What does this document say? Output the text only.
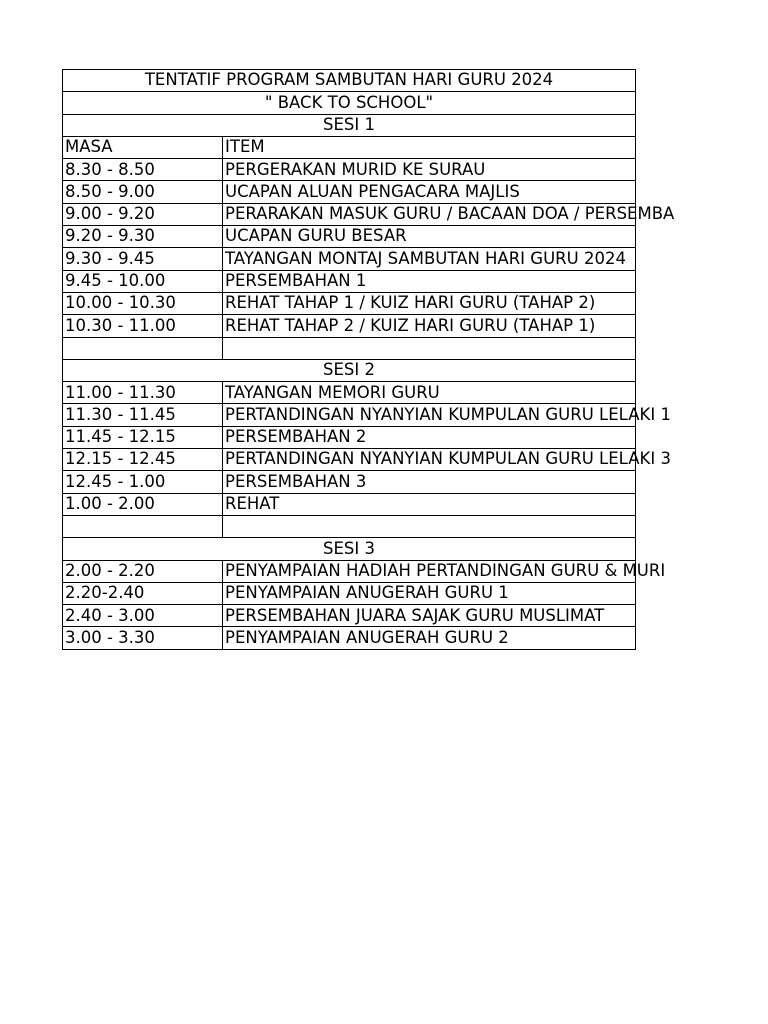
TENTATIF PROGRAM SAMBUTAN HARI GURU 2024	
" BACK TO SCHOOL"	
SESI 1	
MASA	ITEM
8.30 - 8.50	PERGERAKAN MURID KE SURAU
8.50 - 9.00	UCAPAN ALUAN PENGACARA MAJLIS
9.00 - 9.20	PERARAKAN MASUK GURU / BACAAN DOA / PERSEMBA
9.20 - 9.30	UCAPAN GURU BESAR
9.30 - 9.45	TAYANGAN MONTAJ SAMBUTAN HARI GURU 2024
9.45 - 10.00	PERSEMBAHAN 1
10.00 - 10.30	REHAT TAHAP 1 / KUIZ HARI GURU (TAHAP 2)
10.30 - 11.00	REHAT TAHAP 2 / KUIZ HARI GURU (TAHAP 1)

SESI 2	
11.00 - 11.30	TAYANGAN MEMORI GURU
11.30 - 11.45	PERTANDINGAN NYANYIAN KUMPULAN GURU LELAKI 1
11.45 - 12.15	PERSEMBAHAN 2
12.15 - 12.45	PERTANDINGAN NYANYIAN KUMPULAN GURU LELAKI 3
12.45 - 1.00	PERSEMBAHAN 3
1.00 - 2.00	REHAT

SESI 3	
2.00 - 2.20	PENYAMPAIAN HADIAH PERTANDINGAN GURU & MURI
2.20-2.40	PENYAMPAIAN ANUGERAH GURU 1
2.40 - 3.00	PERSEMBAHAN JUARA SAJAK GURU MUSLIMAT
3.00 - 3.30	PENYAMPAIAN ANUGERAH GURU 2
